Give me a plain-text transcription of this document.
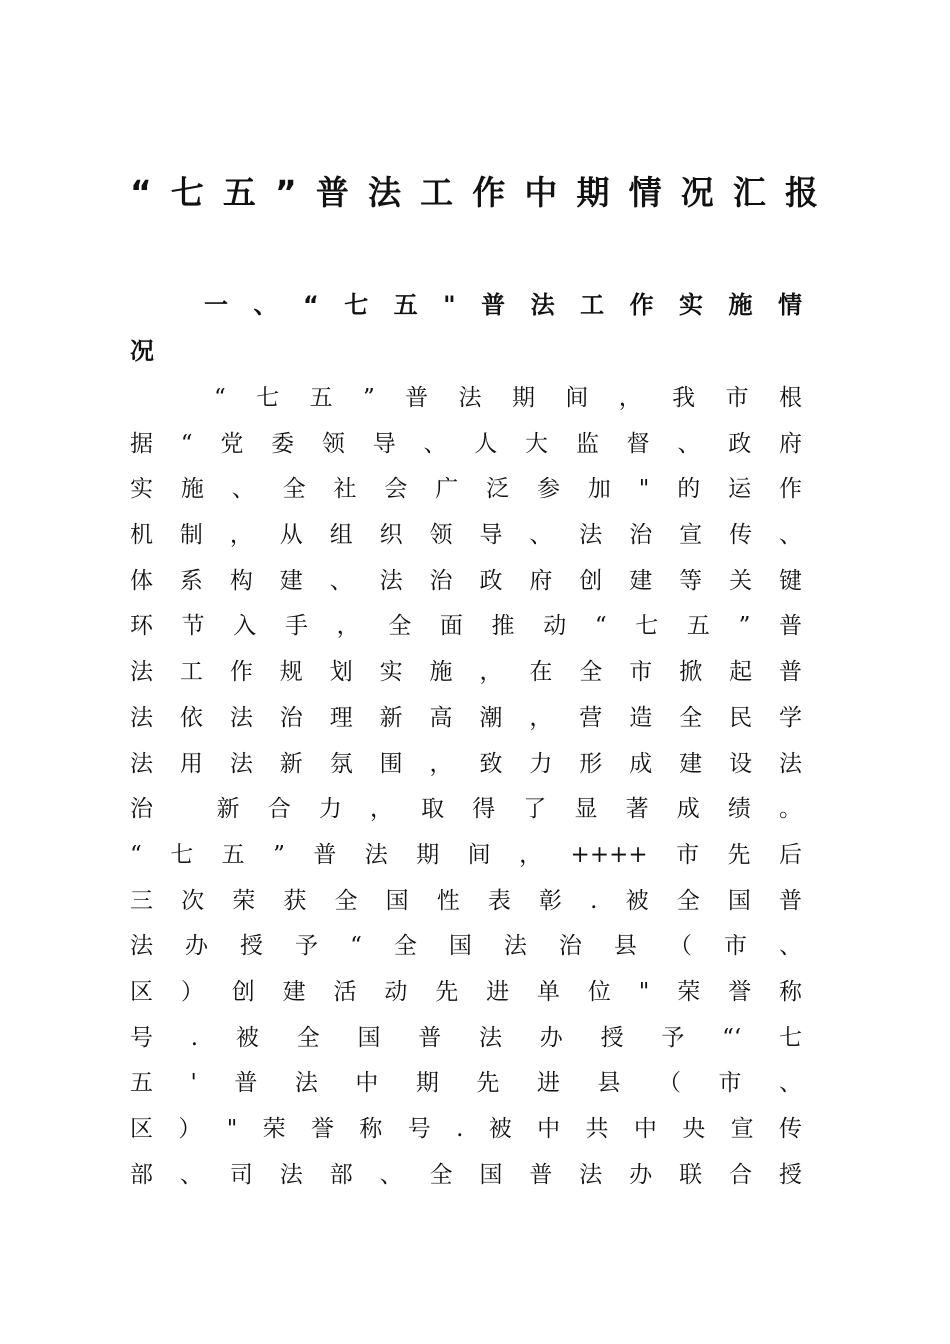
“七五”普法工作中期情况汇报
一、“七五"普法工作实施情
况
“七五”普法期间，我市根
据“党委领导、人大监督、政府
实施、全社会广泛参加"的运作
机制，从组织领导、法治宣传、
体系构建、法治政府创建等关键
环节入手，全面推动“七五”普
法工作规划实施，在全市掀起普
法依法治理新高潮，营造全民学
法用法新氛围，致力形成建设法
治 新合力，取得了显著成绩。
“七五”普法期间，++++市先后
三次荣获全国性表彰.被全国普
法办授予“全国法治县（市、
区）创建活动先进单位"荣誉称
号.被全国普法办授予“‘七
五'普法中期先进县（市、
区）"荣誉称号.被中共中央宣传
部、司法部、全国普法办联合授
